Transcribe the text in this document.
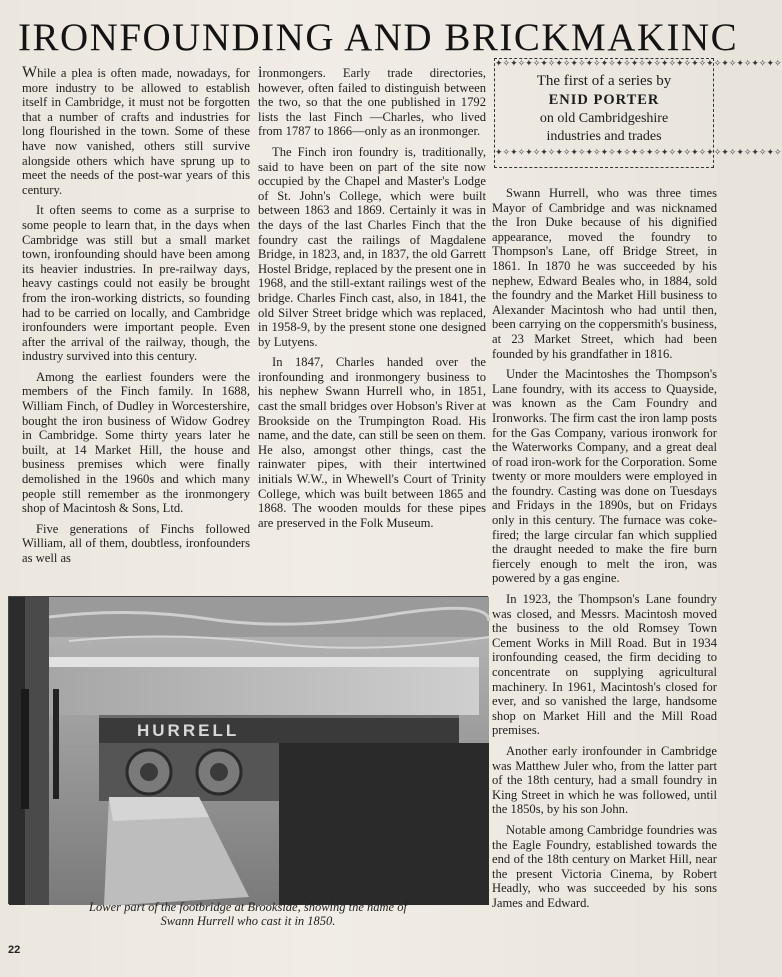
IRONFOUNDING AND BRICKMAKINC

While a plea is often made, nowadays, for more industry to be allowed to establish itself in Cambridge, it must not be forgotten that a number of crafts and industries for long flourished in the town. Some of these have now vanished, others still survive alongside others which have sprung up to meet the needs of the post-war years of this century.

It often seems to come as a surprise to some people to learn that, in the days when Cambridge was still but a small market town, ironfounding should have been among its heavier industries. In pre-railway days, heavy castings could not easily be brought from the iron-working districts, so founding had to be carried on locally, and Cambridge ironfounders were important people. Even after the arrival of the railway, though, the industry survived into this century.

Among the earliest founders were the members of the Finch family. In 1688, William Finch, of Dudley in Worcestershire, bought the iron business of Widow Godrey in Cambridge. Some thirty years later he built, at 14 Market Hill, the house and business premises which were finally demolished in the 1960s and which many people still remember as the ironmongery shop of Macintosh & Sons, Ltd.

Five generations of Finchs followed William, all of them, doubtless, ironfounders as well as

ironmongers. Early trade directories, however, often failed to distinguish between the two, so that the one published in 1792 lists the last Finch —Charles, who lived from 1787 to 1866—only as an ironmonger.

The Finch iron foundry is, traditionally, said to have been on part of the site now occupied by the Chapel and Master's Lodge of St. John's College, which were built between 1863 and 1869. Certainly it was in the days of the last Charles Finch that the foundry cast the railings of Magdalene Bridge, in 1823, and, in 1837, the old Garrett Hostel Bridge, replaced by the present one in 1968, and the still-extant railings west of the bridge. Charles Finch cast, also, in 1841, the old Silver Street bridge which was replaced, in 1958-9, by the present stone one designed by Lutyens.

In 1847, Charles handed over the ironfounding and ironmongery business to his nephew Swann Hurrell who, in 1851, cast the small bridges over Hobson's River at Brookside on the Trumpington Road. His name, and the date, can still be seen on them. He also, amongst other things, cast the rainwater pipes, with their intertwined initials W.W., in Whewell's Court of Trinity College, which was built between 1865 and 1868. The wooden moulds for these pipes are preserved in the Folk Museum.

✦✧✦✧✦✧✦✧✦✧✦✧✦✧✦✧✦✧✦✧✦✧✦✧✦✧✦✧✦✧✦✧✦✧✦✧✦✧
The first of a series by
ENID PORTER
on old Cambridgeshire
industries and trades
✦✧✦✧✦✧✦✧✦✧✦✧✦✧✦✧✦✧✦✧✦✧✦✧✦✧✦✧✦✧✦✧✦✧✦✧✦✧

Swann Hurrell, who was three times Mayor of Cambridge and was nicknamed the Iron Duke because of his dignified appearance, moved the foundry to Thompson's Lane, off Bridge Street, in 1861. In 1870 he was succeeded by his nephew, Edward Beales who, in 1884, sold the foundry and the Market Hill business to Alexander Macintosh who had until then, been carrying on the coppersmith's business, at 23 Market Street, which had been founded by his grandfather in 1816.

Under the Macintoshes the Thompson's Lane foundry, with its access to Quayside, was known as the Cam Foundry and Ironworks. The firm cast the iron lamp posts for the Gas Company, various ironwork for the Waterworks Company, and a great deal of road iron-work for the Corporation. Some twenty or more moulders were employed in the foundry. Casting was done on Tuesdays and Fridays in the 1890s, but on Fridays only in this century. The furnace was coke-fired; the large circular fan which supplied the draught needed to make the fire burn fiercely enough to melt the iron, was powered by a gas engine.

In 1923, the Thompson's Lane foundry was closed, and Messrs. Macintosh moved the business to the old Romsey Town Cement Works in Mill Road. But in 1934 ironfounding ceased, the firm deciding to concentrate on supplying agricultural machinery. In 1961, Macintosh's closed for ever, and so vanished the large, handsome shop on Market Hill and the Mill Road premises.

Another early ironfounder in Cambridge was Matthew Juler who, from the latter part of the 18th century, had a small foundry in King Street in which he was followed, until the 1850s, by his son John.

Notable among Cambridge foundries was the Eagle Foundry, established towards the end of the 18th century on Market Hill, near the present Victoria Cinema, by Robert Headly, who was succeeded by his sons James and Edward.

HURRELL
Lower part of the footbridge at Brookside, showing the name of
Swann Hurrell who cast it in 1850.
22
